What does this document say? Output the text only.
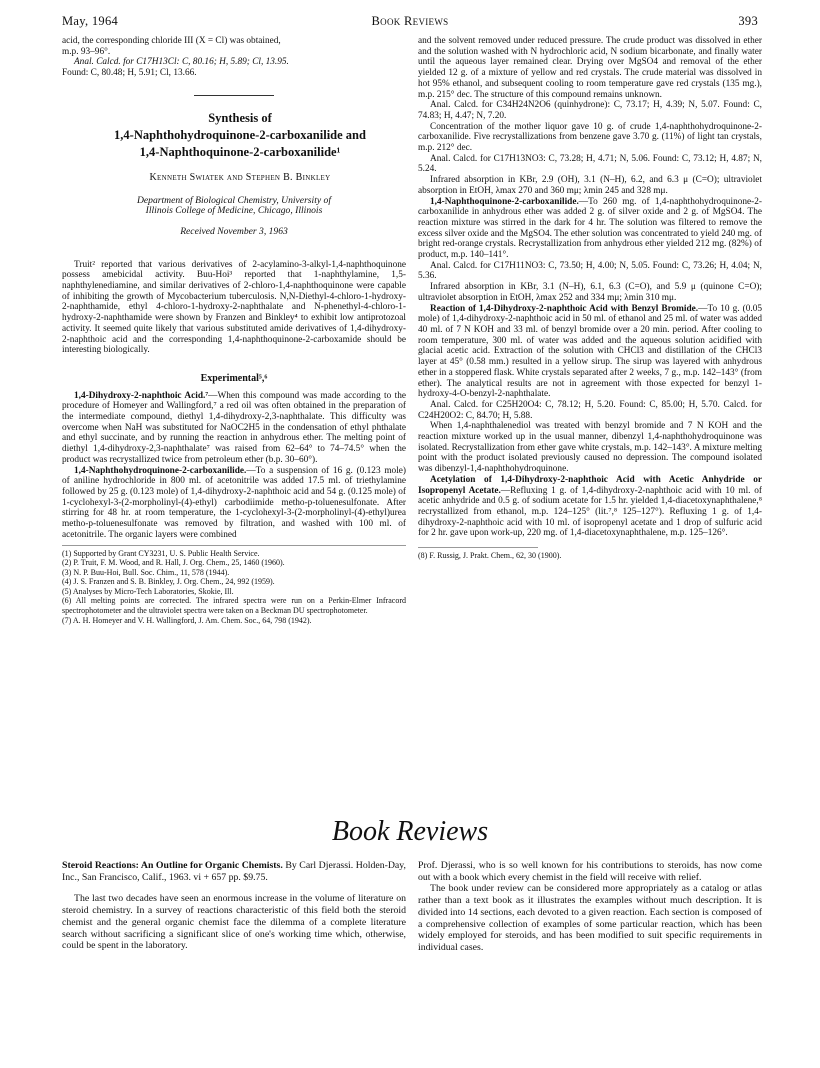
May, 1964	Book Reviews	393

acid, the corresponding chloride III (X = Cl) was obtained,

m.p. 93–96°.

Anal. Calcd. for C17H13Cl: C, 80.16; H, 5.89; Cl, 13.95.

Found: C, 80.48; H, 5.91; Cl, 13.66.

Synthesis of

1,4-Naphthohydroquinone-2-carboxanilide and

1,4-Naphthoquinone-2-carboxanilide¹

Kenneth Swiatek and Stephen B. Binkley

Department of Biological Chemistry, University of

Illinois College of Medicine, Chicago, Illinois

Received November 3, 1963

Truit² reported that various derivatives of 2-acylamino-3-alkyl-1,4-naphthoquinone possess amebicidal activity. Buu-Hoi³ reported that 1-naphthylamine, 1,5-naphthylenediamine, and similar derivatives of 2-chloro-1,4-naphthoquinone were capable of inhibiting the growth of Mycobacterium tuberculosis. N,N-Diethyl-4-chloro-1-hydroxy-2-naphthamide, ethyl 4-chloro-1-hydroxy-2-naphthalate and N-phenethyl-4-chloro-1-hydroxy-2-naphthamide were shown by Franzen and Binkley⁴ to exhibit low antiprotozoal activity. It seemed quite likely that various substituted amide derivatives of 1,4-dihydroxy-2-naphthoic acid and the corresponding 1,4-naphthoquinone-2-carboxamide should be interesting biologically.

Experimental⁵,⁶

1,4-Dihydroxy-2-naphthoic Acid.⁷—When this compound was made according to the procedure of Homeyer and Wallingford,⁷ a red oil was often obtained in the preparation of the intermediate compound, diethyl 1,4-dihydroxy-2,3-naphthalate. This difficulty was overcome when NaH was substituted for NaOC2H5 in the condensation of ethyl phthalate and ethyl succinate, and by running the reaction in anhydrous ether. The melting point of diethyl 1,4-dihydroxy-2,3-naphthalate⁷ was raised from 62–64° to 74–74.5° when the product was recrystallized twice from petroleum ether (b.p. 30–60°).

1,4-Naphthohydroquinone-2-carboxanilide.—To a suspension of 16 g. (0.123 mole) of aniline hydrochloride in 800 ml. of acetonitrile was added 17.5 ml. of triethylamine followed by 25 g. (0.123 mole) of 1,4-dihydroxy-2-naphthoic acid and 54 g. (0.125 mole) of 1-cyclohexyl-3-(2-morpholinyl-(4)-ethyl) carbodiimide metho-p-toluenesulfonate. After stirring for 48 hr. at room temperature, the 1-cyclohexyl-3-(2-morpholinyl-(4)-ethyl)urea metho-p-toluenesulfonate was removed by filtration, and washed with 100 ml. of acetonitrile. The organic layers were combined

(1) Supported by Grant CY3231, U. S. Public Health Service.
(2) P. Truit, F. M. Wood, and R. Hall, J. Org. Chem., 25, 1460 (1960).
(3) N. P. Buu-Hoi, Bull. Soc. Chim., 11, 578 (1944).
(4) J. S. Franzen and S. B. Binkley, J. Org. Chem., 24, 992 (1959).
(5) Analyses by Micro-Tech Laboratories, Skokie, Ill.
(6) All melting points are corrected. The infrared spectra were run on a Perkin-Elmer Infracord spectrophotometer and the ultraviolet spectra were taken on a Beckman DU spectrophotometer.
(7) A. H. Homeyer and V. H. Wallingford, J. Am. Chem. Soc., 64, 798 (1942).

and the solvent removed under reduced pressure. The crude product was dissolved in ether and the solution washed with N hydrochloric acid, N sodium bicarbonate, and finally water until the aqueous layer remained clear. Drying over MgSO4 and removal of the ether yielded 12 g. of a mixture of yellow and red crystals. The crude material was dissolved in hot 95% ethanol, and subsequent cooling to room temperature gave red crystals (135 mg.), m.p. 215° dec. The structure of this compound remains unknown.

Anal. Calcd. for C34H24N2O6 (quinhydrone): C, 73.17; H, 4.39; N, 5.07. Found: C, 74.83; H, 4.47; N, 7.20.

Concentration of the mother liquor gave 10 g. of crude 1,4-naphthohydroquinone-2-carboxanilide. Five recrystallizations from benzene gave 3.70 g. (11%) of light tan crystals, m.p. 212° dec.

Anal. Calcd. for C17H13NO3: C, 73.28; H, 4.71; N, 5.06. Found: C, 73.12; H, 4.87; N, 5.24.

Infrared absorption in KBr, 2.9 (OH), 3.1 (N–H), 6.2, and 6.3 μ (C=O); ultraviolet absorption in EtOH, λmax 270 and 360 mμ; λmin 245 and 328 mμ.

1,4-Naphthoquinone-2-carboxanilide.—To 260 mg. of 1,4-naphthohydroquinone-2-carboxanilide in anhydrous ether was added 2 g. of silver oxide and 2 g. of MgSO4. The reaction mixture was stirred in the dark for 4 hr. The solution was filtered to remove the excess silver oxide and the MgSO4. The ether solution was concentrated to yield 240 mg. of bright red-orange crystals. Recrystallization from anhydrous ether yielded 212 mg. (82%) of product, m.p. 140–141°.

Anal. Calcd. for C17H11NO3: C, 73.50; H, 4.00; N, 5.05. Found: C, 73.26; H, 4.04; N, 5.36.

Infrared absorption in KBr, 3.1 (N–H), 6.1, 6.3 (C=O), and 5.9 μ (quinone C=O); ultraviolet absorption in EtOH, λmax 252 and 334 mμ; λmin 310 mμ.

Reaction of 1,4-Dihydroxy-2-naphthoic Acid with Benzyl Bromide.—To 10 g. (0.05 mole) of 1,4-dihydroxy-2-naphthoic acid in 50 ml. of ethanol and 25 ml. of water was added 40 ml. of 7 N KOH and 33 ml. of benzyl bromide over a 20 min. period. After cooling to room temperature, 300 ml. of water was added and the aqueous solution acidified with glacial acetic acid. Extraction of the solution with CHCl3 and distillation of the CHCl3 layer at 45° (0.58 mm.) resulted in a yellow sirup. The sirup was layered with anhydrous ether in a stoppered flask. White crystals separated after 2 weeks, 7 g., m.p. 142–143° (from ether). The analytical results are not in agreement with those expected for benzyl 1-hydroxy-4-O-benzyl-2-naphthalate.

Anal. Calcd. for C25H20O4: C, 78.12; H, 5.20. Found: C, 85.00; H, 5.70. Calcd. for C24H20O2: C, 84.70; H, 5.88.

When 1,4-naphthalenediol was treated with benzyl bromide and 7 N KOH and the reaction mixture worked up in the usual manner, dibenzyl 1,4-naphthohydroquinone was isolated. Recrystallization from ether gave white crystals, m.p. 142–143°. A mixture melting point with the product isolated previously caused no depression. The compound isolated was dibenzyl-1,4-naphthohydroquinone.

Acetylation of 1,4-Dihydroxy-2-naphthoic Acid with Acetic Anhydride or Isopropenyl Acetate.—Refluxing 1 g. of 1,4-dihydroxy-2-naphthoic acid with 10 ml. of acetic anhydride and 0.5 g. of sodium acetate for 1.5 hr. yielded 1,4-diacetoxynaphthalene,⁸ recrystallized from ethanol, m.p. 124–125° (lit.⁷,⁸ 125–127°). Refluxing 1 g. of 1,4-dihydroxy-2-naphthoic acid with 10 ml. of isopropenyl acetate and 1 drop of sulfuric acid for 2 hr. gave upon work-up, 220 mg. of 1,4-diacetoxynaphthalene, m.p. 125–126°.

(8) F. Russig, J. Prakt. Chem., 62, 30 (1900).
Book Reviews

Steroid Reactions: An Outline for Organic Chemists. By Carl Djerassi. Holden-Day, Inc., San Francisco, Calif., 1963. vi + 657 pp. $9.75.

The last two decades have seen an enormous increase in the volume of literature on steroid chemistry. In a survey of reactions characteristic of this field both the steroid chemist and the general organic chemist face the dilemma of a complete literature search without sacrificing a significant slice of one's working time which, otherwise, could be spent in the laboratory.

Prof. Djerassi, who is so well known for his contributions to steroids, has now come out with a book which every chemist in the field will receive with relief.

The book under review can be considered more appropriately as a catalog or atlas rather than a text book as it illustrates the examples without much description. It is divided into 14 sections, each devoted to a given reaction. Each section is composed of a comprehensive collection of examples of some particular reaction, which has been widely employed for steroids, and has been modified to suit specific requirements in individual cases.
